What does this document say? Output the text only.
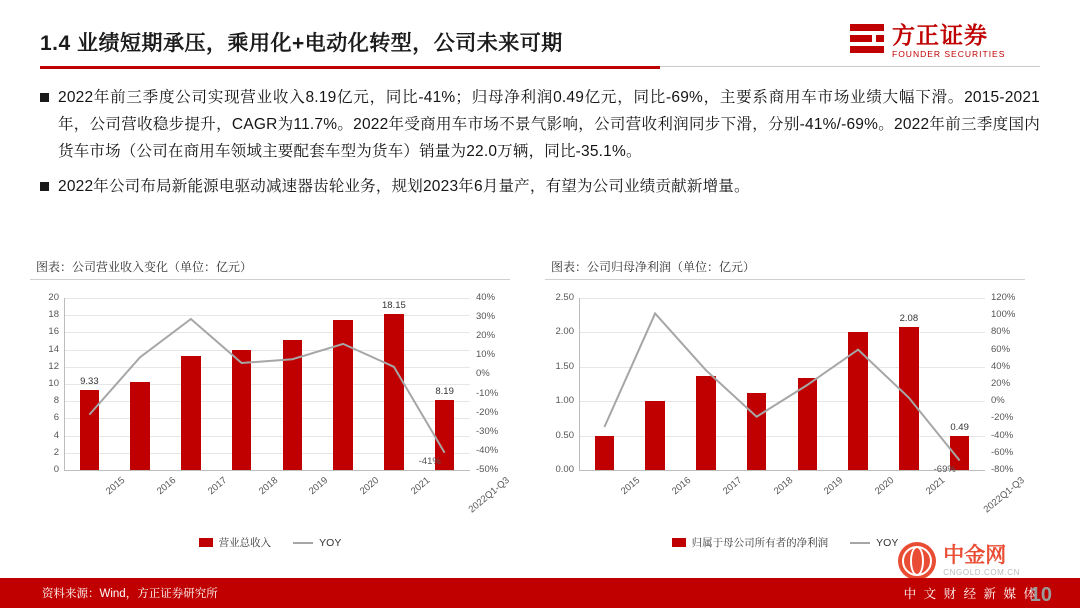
1.4 业绩短期承压，乘用化+电动化转型，公司未来可期	方正证券
FOUNDER SECURITIES
2022年前三季度公司实现营业收入8.19亿元，同比-41%；归母净利润0.49亿元，同比-69%，主要系商用车市场业绩大幅下滑。2015-2021年，公司营收稳步提升，CAGR为11.7%。2022年受商用车市场不景气影响，公司营收利润同步下滑，分别-41%/-69%。2022年前三季度国内货车市场（公司在商用车领域主要配套车型为货车）销量为22.0万辆，同比-35.1%。
2022年公司布局新能源电驱动减速器齿轮业务，规划2023年6月量产，有望为公司业绩贡献新增量。
图表：公司营业收入变化（单位：亿元）
0
2
4
6
8
10
12
14
16
18
20	40%
30%
20%
10%
0%
-10%
-20%
-30%
-40%
-50%
9.33
2015	2016	2017	2018	2019	2020
18.15
2021
8.19
2022Q1-Q3
-41%
营业总收入	YOY
图表：公司归母净利润（单位：亿元）
0.00
0.50
1.00
1.50
2.00
2.50	120%
100%
80%
60%
40%
20%
0%
-20%
-40%
-60%
-80%
2015	2016	2017	2018	2019	2020
2.08
2021
0.49
2022Q1-Q3
-69%
归属于母公司所有者的净利润	YOY
中金网
CNGOLD.COM.CN
资料来源：Wind，方正证券研究所	中 文 财 经 新 媒 体
10
